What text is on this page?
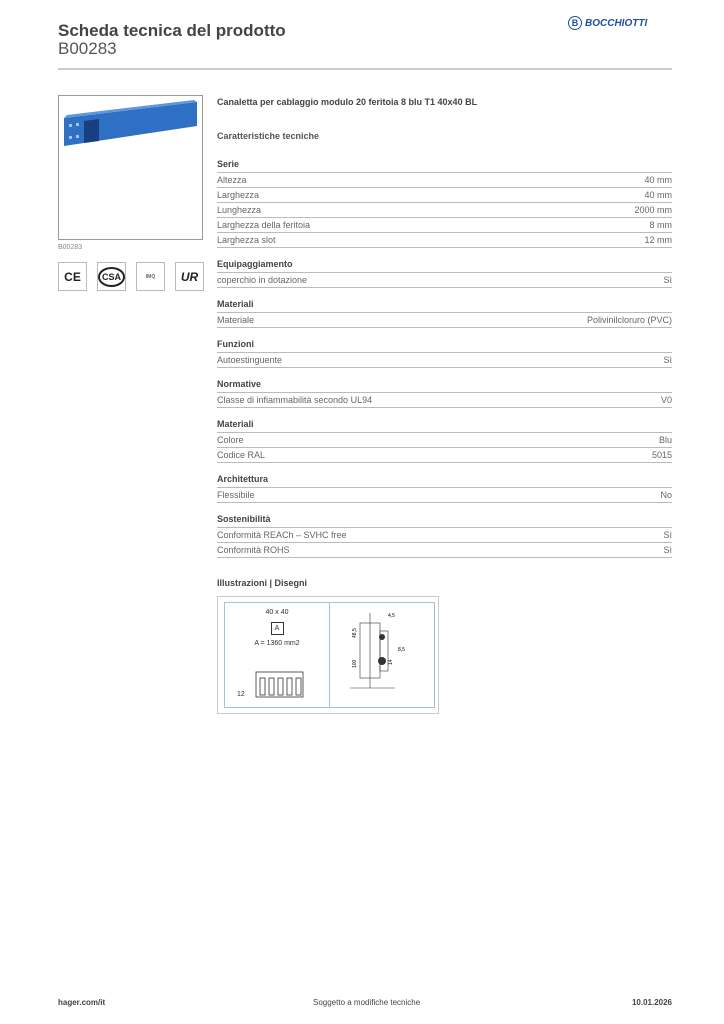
Scheda tecnica del prodotto
B00283
B BOCCHIOTTI
B00283
CE	CSA	IMQ	UR
Canaletta per cablaggio modulo 20 feritoia 8 blu T1 40x40 BL
Caratteristiche tecniche
Serie
Altezza	40 mm
Larghezza	40 mm
Lunghezza	2000 mm
Larghezza della feritoia	8 mm
Larghezza slot	12 mm
Equipaggiamento
coperchio in dotazione	Sì
Materiali
Materiale	Polivinilcloruro (PVC)
Funzioni
Autoestinguente	Sì
Normative
Classe di infiammabilità secondo UL94	V0
Materiali
Colore	Blu
Codice RAL	5015
Architettura
Flessibile	No
Sostenibilità
Conformità REACh – SVHC free	Sì
Conformità ROHS	Sì
Illustrazioni | Disegni
40 x 40
A
A = 1360 mm2
12
4,5
48,5
100
8,5
14
hager.com/it	Soggetto a modifiche tecniche	10.01.2026
